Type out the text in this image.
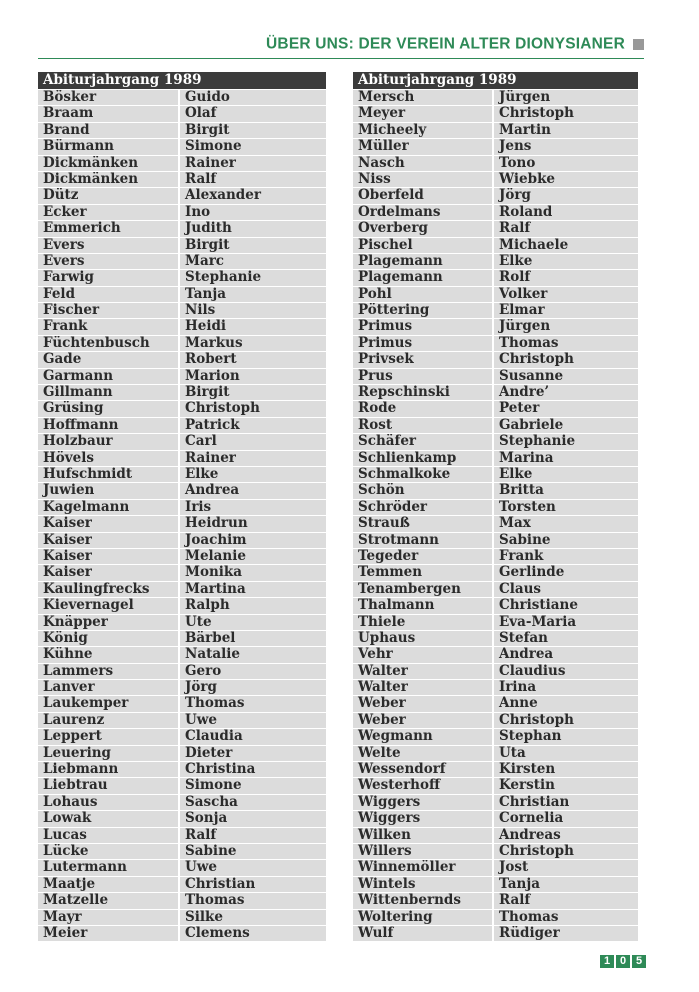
ÜBER UNS: DER VEREIN ALTER DIONYSIANER
Abiturjahrgang 1989
Bösker	Guido
Braam	Olaf
Brand	Birgit
Bürmann	Simone
Dickmänken	Rainer
Dickmänken	Ralf
Dütz	Alexander
Ecker	Ino
Emmerich	Judith
Evers	Birgit
Evers	Marc
Farwig	Stephanie
Feld	Tanja
Fischer	Nils
Frank	Heidi
Füchtenbusch	Markus
Gade	Robert
Garmann	Marion
Gillmann	Birgit
Grüsing	Christoph
Hoffmann	Patrick
Holzbaur	Carl
Hövels	Rainer
Hufschmidt	Elke
Juwien	Andrea
Kagelmann	Iris
Kaiser	Heidrun
Kaiser	Joachim
Kaiser	Melanie
Kaiser	Monika
Kaulingfrecks	Martina
Kievernagel	Ralph
Knäpper	Ute
König	Bärbel
Kühne	Natalie
Lammers	Gero
Lanver	Jörg
Laukemper	Thomas
Laurenz	Uwe
Leppert	Claudia
Leuering	Dieter
Liebmann	Christina
Liebtrau	Simone
Lohaus	Sascha
Lowak	Sonja
Lucas	Ralf
Lücke	Sabine
Lutermann	Uwe
Maatje	Christian
Matzelle	Thomas
Mayr	Silke
Meier	Clemens
Abiturjahrgang 1989
Mersch	Jürgen
Meyer	Christoph
Micheely	Martin
Müller	Jens
Nasch	Tono
Niss	Wiebke
Oberfeld	Jörg
Ordelmans	Roland
Overberg	Ralf
Pischel	Michaele
Plagemann	Elke
Plagemann	Rolf
Pohl	Volker
Pöttering	Elmar
Primus	Jürgen
Primus	Thomas
Privsek	Christoph
Prus	Susanne
Repschinski	Andre’
Rode	Peter
Rost	Gabriele
Schäfer	Stephanie
Schlienkamp	Marina
Schmalkoke	Elke
Schön	Britta
Schröder	Torsten
Strauß	Max
Strotmann	Sabine
Tegeder	Frank
Temmen	Gerlinde
Tenambergen	Claus
Thalmann	Christiane
Thiele	Eva-Maria
Uphaus	Stefan
Vehr	Andrea
Walter	Claudius
Walter	Irina
Weber	Anne
Weber	Christoph
Wegmann	Stephan
Welte	Uta
Wessendorf	Kirsten
Westerhoff	Kerstin
Wiggers	Christian
Wiggers	Cornelia
Wilken	Andreas
Willers	Christoph
Winnemöller	Jost
Wintels	Tanja
Wittenbernds	Ralf
Woltering	Thomas
Wulf	Rüdiger
1 0 5
